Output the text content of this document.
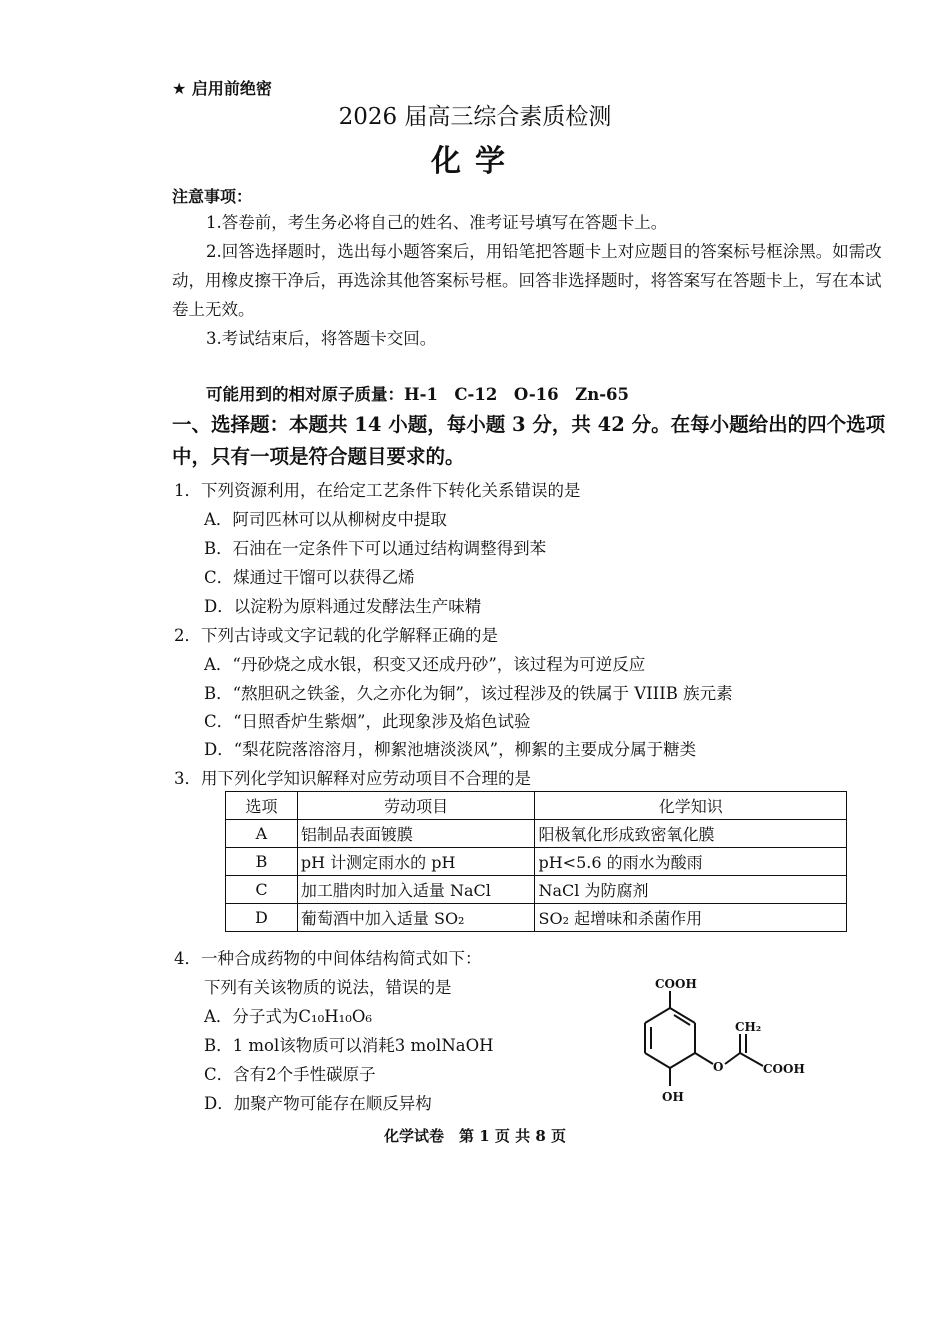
★ 启用前绝密
2026 届高三综合素质检测
化学
注意事项：
1.答卷前，考生务必将自己的姓名、准考证号填写在答题卡上。
2.回答选择题时，选出每小题答案后，用铅笔把答题卡上对应题目的答案标号框涂黑。如需改动，用橡皮擦干净后，再选涂其他答案标号框。回答非选择题时，将答案写在答题卡上，写在本试卷上无效。
3.考试结束后，将答题卡交回。
可能用到的相对原子质量：H-1　C-12　O-16　Zn-65
一、选择题：本题共 14 小题，每小题 3 分，共 42 分。在每小题给出的四个选项中，只有一项是符合题目要求的。
1．下列资源利用，在给定工艺条件下转化关系错误的是
A．阿司匹林可以从柳树皮中提取
B．石油在一定条件下可以通过结构调整得到苯
C．煤通过干馏可以获得乙烯
D．以淀粉为原料通过发酵法生产味精
2．下列古诗或文字记载的化学解释正确的是
A．“丹砂烧之成水银，积变又还成丹砂”，该过程为可逆反应
B．“熬胆矾之铁釜，久之亦化为铜”，该过程涉及的铁属于 VIIIB 族元素
C．“日照香炉生紫烟”，此现象涉及焰色试验
D．“梨花院落溶溶月，柳絮池塘淡淡风”，柳絮的主要成分属于糖类
3．用下列化学知识解释对应劳动项目不合理的是
选项	劳动项目	化学知识
A	铝制品表面镀膜	阳极氧化形成致密氧化膜
B	pH 计测定雨水的 pH	pH<5.6 的雨水为酸雨
C	加工腊肉时加入适量 NaCl	NaCl 为防腐剂
D	葡萄酒中加入适量 SO₂	SO₂ 起增味和杀菌作用
4．一种合成药物的中间体结构简式如下：
下列有关该物质的说法，错误的是
A．分子式为C₁₀H₁₀O₆
B．1 mol该物质可以消耗3 molNaOH
C．含有2个手性碳原子
D．加聚产物可能存在顺反异构
COOH
CH₂
O	COOH
OH
化学试卷　第 1 页 共 8 页
